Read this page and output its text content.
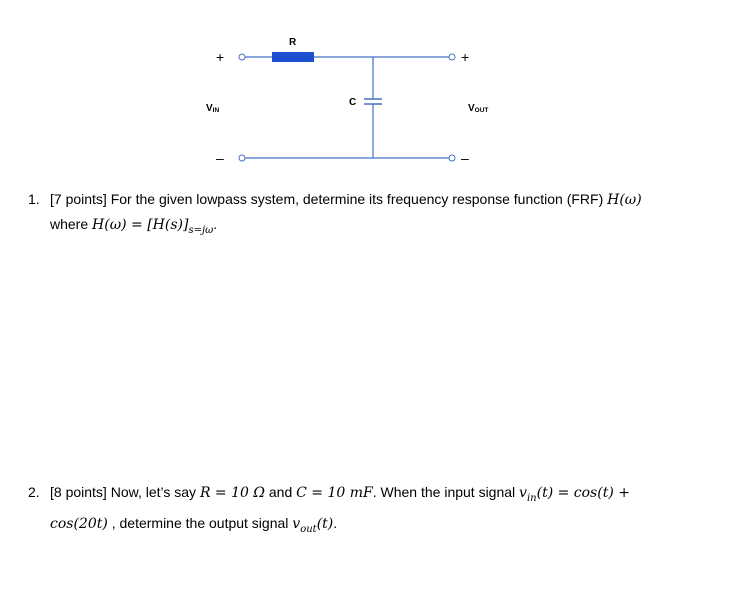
R
C
VIN	VOUT
+
–
+
–
1. [7 points] For the given lowpass system, determine its frequency response function (FRF) H(ω)
where $H(\omega) = [H(s)]_{s=j\omega}$.
2. [8 points] Now, let’s say R = 10 Ω and C = 10 mF. When the input signal $v_{in}(t) = \cos(t)$ +
cos(20t) , determine the output signal $v_{out}(t)$.
